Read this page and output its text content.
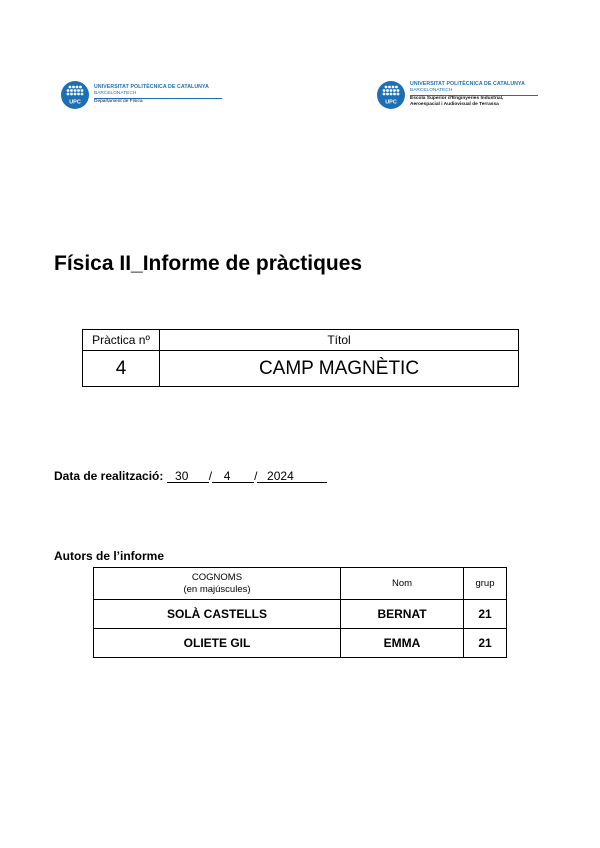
UPC
UNIVERSITAT POLITÈCNICA DE CATALUNYA
BARCELONATECH
Departament de Física	UPC
UNIVERSITAT POLITÈCNICA DE CATALUNYA
BARCELONATECH
Escola Superior d'Enginyeries Industrial,
Aeroespacial i Audiovisual de Terrassa
Física II_Informe de pràctiques
Pràctica nº	Títol
4	CAMP MAGNÈTIC
Data de realització: 30 / 4 / 2024
Autors de l’informe
COGNOMS
(en majúscules)	Nom	grup
SOLÀ CASTELLS	BERNAT	21
OLIETE GIL	EMMA	21
